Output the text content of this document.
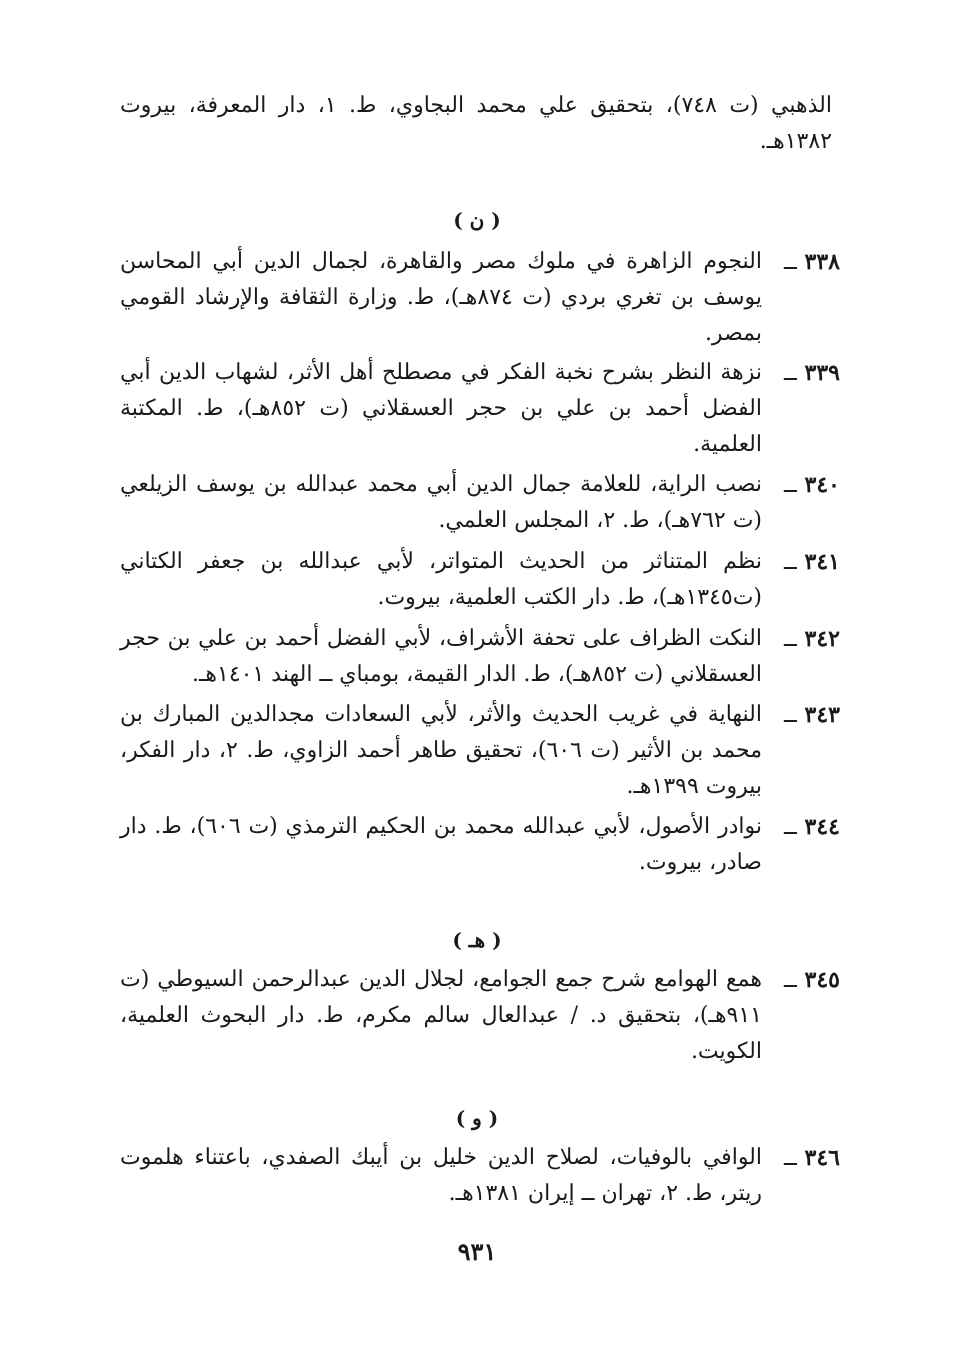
الذهبي (ت ٧٤٨)، بتحقيق علي محمد البجاوي، ط. ١، دار المعرفة، بيروت ١٣٨٢هـ.
( ن )
٣٣٨ ــ
النجوم الزاهرة في ملوك مصر والقاهرة، لجمال الدين أبي المحاسن يوسف بن تغري بردي (ت ٨٧٤هـ)، ط. وزارة الثقافة والإرشاد القومي بمصر.
٣٣٩ ــ
نزهة النظر بشرح نخبة الفكر في مصطلح أهل الأثر، لشهاب الدين أبي الفضل أحمد بن علي بن حجر العسقلاني (ت ٨٥٢هـ)، ط. المكتبة العلمية.
٣٤٠ ــ
نصب الراية، للعلامة جمال الدين أبي محمد عبدالله بن يوسف الزيلعي (ت ٧٦٢هـ)، ط. ٢، المجلس العلمي.
٣٤١ ــ
نظم المتناثر من الحديث المتواتر، لأبي عبدالله بن جعفر الكتاني (ت١٣٤٥هـ)، ط. دار الكتب العلمية، بيروت.
٣٤٢ ــ
النكت الظراف على تحفة الأشراف، لأبي الفضل أحمد بن علي بن حجر العسقلاني (ت ٨٥٢هـ)، ط. الدار القيمة، بومباي ــ الهند ١٤٠١هـ.
٣٤٣ ــ
النهاية في غريب الحديث والأثر، لأبي السعادات مجدالدين المبارك بن محمد بن الأثير (ت ٦٠٦)، تحقيق طاهر أحمد الزاوي، ط. ٢، دار الفكر، بيروت ١٣٩٩هـ.
٣٤٤ ــ
نوادر الأصول، لأبي عبدالله محمد بن الحكيم الترمذي (ت ٦٠٦)، ط. دار صادر، بيروت.
( هـ )
٣٤٥ ــ
همع الهوامع شرح جمع الجوامع، لجلال الدين عبدالرحمن السيوطي (ت ٩١١هـ)، بتحقيق د. / عبدالعال سالم مكرم، ط. دار البحوث العلمية، الكويت.
( و )
٣٤٦ ــ
الوافي بالوفيات، لصلاح الدين خليل بن أيبك الصفدي، باعتناء هلموت ريتر، ط. ٢، تهران ــ إيران ١٣٨١هـ.
٩٣١
